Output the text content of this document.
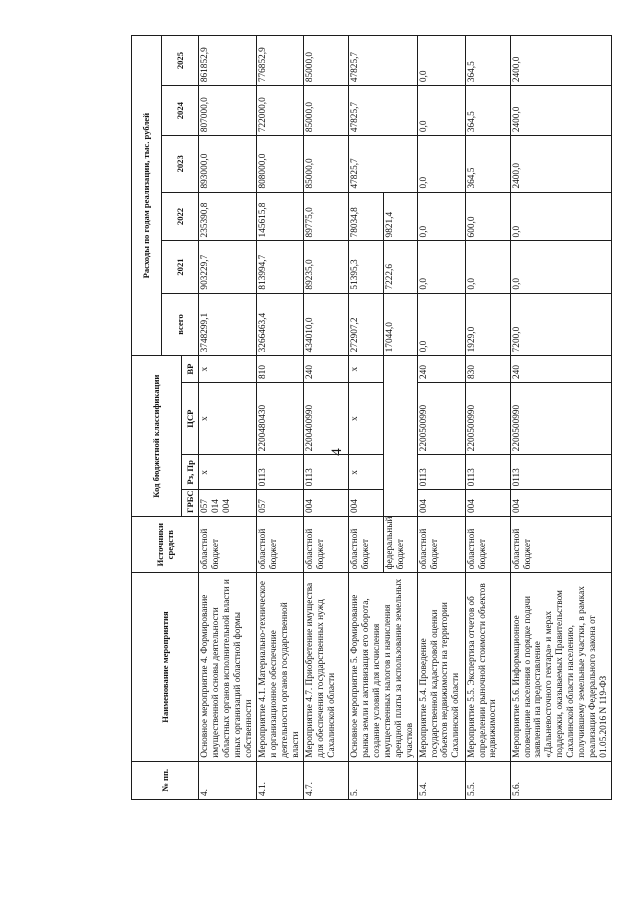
4
№ пп.	Наименование мероприятия	Источники средств	Код бюджетной классификации				Расходы по годам реализации, тыс. рублей					
							всего	2021	2022	2023	2024	2025
			ГРБС	Рз, Пр	ЦСР	ВР						
4.	Основное мероприятие 4. Формирование имущественной основы деятельности областных органов исполнительной власти и иных организаций областной формы собственности	областной бюджет	057 014 004	х	х	х	3748299,1	903229,7	235390,8	893000,0	807000,0	861852,9
4.1.	Мероприятие 4.1. Материально-техническое и организационное обеспечение деятельности органов государственной власти	областной бюджет	057	0113	2200480430	810	3266463,4	813994,7	145615,8	808000,0	722000,0	776852,9
4.7.	Мероприятие 4.7. Приобретение имущества для обеспечения государственных нужд Сахалинской области	областной бюджет	004	0113	2200400990	240	434010,0	89235,0	89775,0	85000,0	85000,0	85000,0
5.	Основное мероприятие 5. Формирование рынка земли и активизация его оборота, создание условий для исчисления имущественных налогов и начисления арендной платы за использование земельных участков	областной бюджет	004	х	х	х	272907,2	51395,3	78034,8	47825,7	47825,7	47825,7
		федеральный бюджет					17044,0	7222,6	9821,4			
5.4.	Мероприятие 5.4. Проведение государственной кадастровой оценки объектов недвижимости на территории Сахалинской области	областной бюджет	004	0113	2200500990	240	0,0	0,0	0,0	0,0	0,0	0,0
5.5.	Мероприятие 5.5. Экспертиза отчетов об определении рыночной стоимости объектов недвижимости	областной бюджет	004	0113	2200500990	830	1929,0	0,0	600,0	364,5	364,5	364,5
5.6.	Мероприятие 5.6. Информационное оповещение населения о порядке подачи заявлений на предоставление «Дальневосточного гектара» и мерах поддержки, оказываемых Правительством Сахалинской области населению, получившему земельные участки, в рамках реализации Федерального закона от 01.05.2016 N 119-ФЗ	областной бюджет	004	0113	2200500990	240	7200,0	0,0	0,0	2400,0	2400,0	2400,0
